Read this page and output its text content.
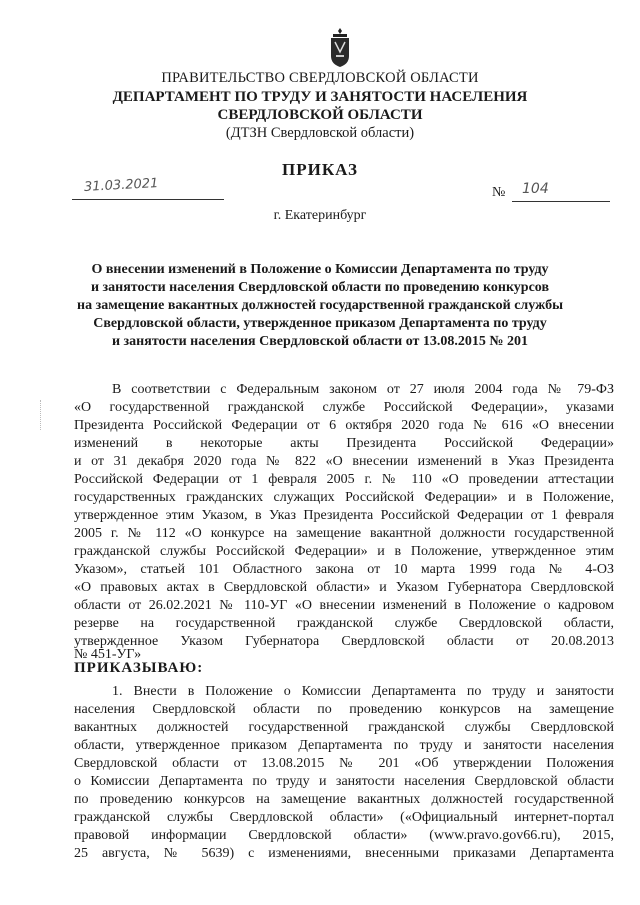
ПРАВИТЕЛЬСТВО СВЕРДЛОВСКОЙ ОБЛАСТИ
ДЕПАРТАМЕНТ ПО ТРУДУ И ЗАНЯТОСТИ НАСЕЛЕНИЯ
СВЕРДЛОВСКОЙ ОБЛАСТИ
(ДТЗН Свердловской области)
ПРИКАЗ
31.03.2021	№ 104
г. Екатеринбург
О внесении изменений в Положение о Комиссии Департамента по труду
и занятости населения Свердловской области по проведению конкурсов
на замещение вакантных должностей государственной гражданской службы
Свердловской области, утвержденное приказом Департамента по труду
и занятости населения Свердловской области от 13.08.2015 № 201
В соответствии с Федеральным законом от 27 июля 2004 года № 79-ФЗ
«О государственной гражданской службе Российской Федерации», указами
Президента Российской Федерации от 6 октября 2020 года № 616 «О внесении
изменений в некоторые акты Президента Российской Федерации»
и от 31 декабря 2020 года № 822 «О внесении изменений в Указ Президента
Российской Федерации от 1 февраля 2005 г. № 110 «О проведении аттестации
государственных гражданских служащих Российской Федерации» и в Положение,
утвержденное этим Указом, в Указ Президента Российской Федерации от 1 февраля
2005 г. № 112 «О конкурсе на замещение вакантной должности государственной
гражданской службы Российской Федерации» и в Положение, утвержденное этим
Указом», статьей 101 Областного закона от 10 марта 1999 года № 4-ОЗ
«О правовых актах в Свердловской области» и Указом Губернатора Свердловской
области от 26.02.2021 № 110-УГ «О внесении изменений в Положение о кадровом
резерве на государственной гражданской службе Свердловской области,
утвержденное Указом Губернатора Свердловской области от 20.08.2013
№ 451-УГ»
ПРИКАЗЫВАЮ:
1. Внести в Положение о Комиссии Департамента по труду и занятости
населения Свердловской области по проведению конкурсов на замещение
вакантных должностей государственной гражданской службы Свердловской
области, утвержденное приказом Департамента по труду и занятости населения
Свердловской области от 13.08.2015 № 201 «Об утверждении Положения
о Комиссии Департамента по труду и занятости населения Свердловской области
по проведению конкурсов на замещение вакантных должностей государственной
гражданской службы Свердловской области» («Официальный интернет-портал
правовой информации Свердловской области» (www.pravo.gov66.ru), 2015,
25 августа, № 5639) с изменениями, внесенными приказами Департамента
